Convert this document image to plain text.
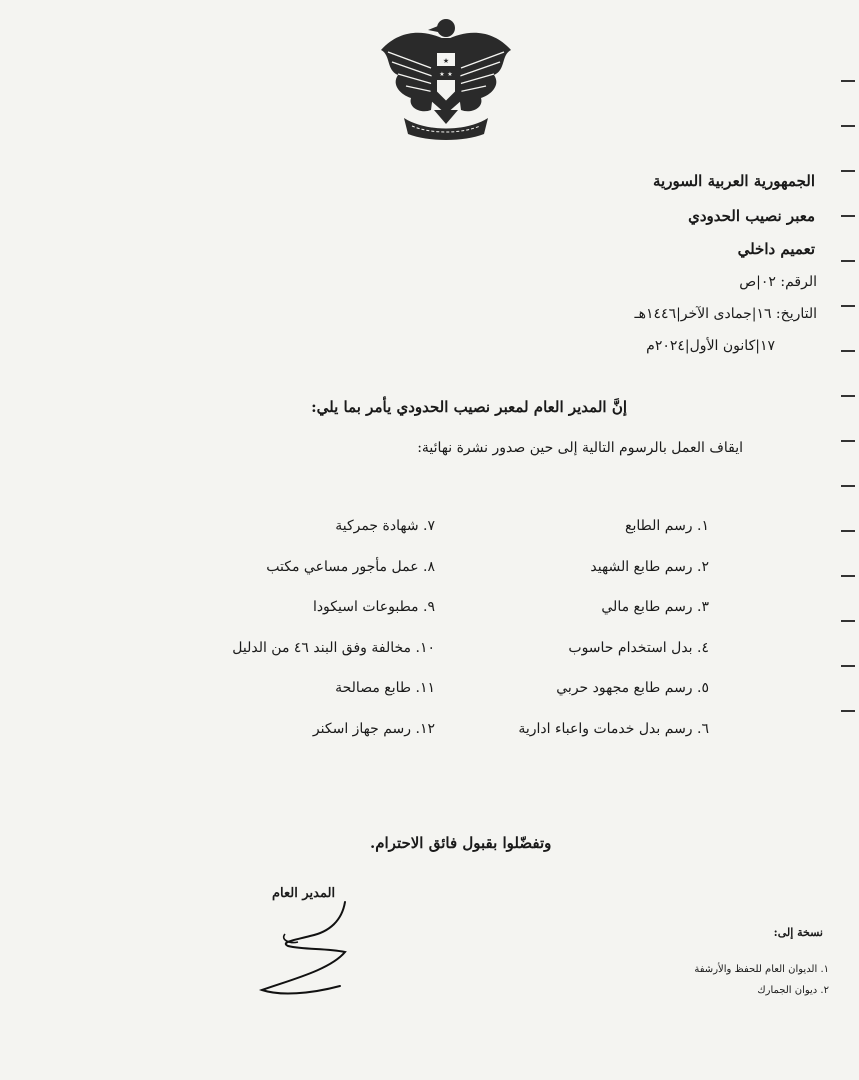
★
★ ★
الجمهورية العربية السورية
معبر نصيب الحدودي
تعميم داخلي
الرقم: ٠٢|ص
التاريخ: ١٦|جمادى الآخر|١٤٤٦هـ
١٧|كانون الأول|٢٠٢٤م
إنَّ المدير العام لمعبر نصيب الحدودي يأمر بما يلي:
ايقاف العمل بالرسوم التالية إلى حين صدور نشرة نهائية:
١. رسم الطابع
٢. رسم طابع الشهيد
٣. رسم طابع مالي
٤. بدل استخدام حاسوب
٥. رسم طابع مجهود حربي
٦. رسم بدل خدمات واعباء ادارية
٧. شهادة جمركية
٨. عمل مأجور مساعي مكتب
٩. مطبوعات اسيكودا
١٠. مخالفة وفق البند ٤٦ من الدليل
١١. طابع مصالحة
١٢. رسم جهاز اسكنر
وتفضّلوا بقبول فائق الاحترام.
المدير العام
نسخة إلى:
١. الديوان العام للحفظ والأرشفة
٢. ديوان الجمارك
